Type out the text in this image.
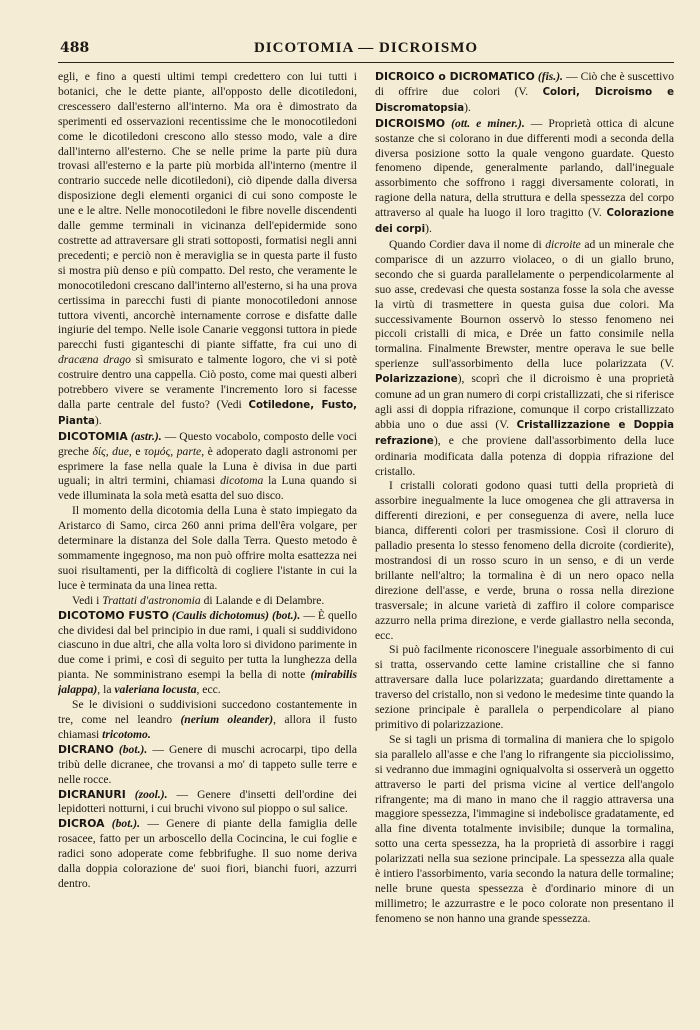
488	DICOTOMIA — DICROISMO

egli, e fino a questi ultimi tempi credettero con lui tutti i botanici, che le dette piante, all'opposto delle dicotiledoni, crescessero dall'esterno all'interno. Ma ora è dimostrato da sperimenti ed osservazioni recentissime che le monocotiledoni come le dicotiledoni crescono allo stesso modo, vale a dire dall'interno all'esterno. Che se nelle prime la parte più dura trovasi all'esterno e la parte più morbida all'interno (mentre il contrario succede nelle dicotiledoni), ciò dipende dalla diversa disposizione degli elementi organici di cui sono composte le une e le altre. Nelle monocotiledoni le fibre novelle discendenti dalle gemme terminali in vicinanza dell'epidermide sono costrette ad attraversare gli strati sottoposti, formatisi negli anni precedenti; e perciò non è meraviglia se in questa parte il fusto si mostra più denso e più compatto. Del resto, che veramente le monocotiledoni crescano dall'interno all'esterno, si ha una prova certissima in parecchi fusti di piante monocotiledoni annose tuttora viventi, ancorchè internamente corrose e disfatte dalle ingiurie del tempo. Nelle isole Canarie veggonsi tuttora in piede parecchi fusti giganteschi di piante siffatte, fra cui uno di dracæna drago sì smisurato e talmente logoro, che vi si potè costruire dentro una cappella. Ciò posto, come mai questi alberi potrebbero vivere se veramente l'incremento loro si facesse dalla parte centrale del fusto? (Vedi Cotiledone, Fusto, Pianta).

DICOTOMIA (astr.). — Questo vocabolo, composto delle voci greche δίς, due, e τομός, parte, è adoperato dagli astronomi per esprimere la fase nella quale la Luna è divisa in due parti uguali; in altri termini, chiamasi dicotoma la Luna quando si vede illuminata la sola metà esatta del suo disco.

Il momento della dicotomia della Luna è stato impiegato da Aristarco di Samo, circa 260 anni prima dell'êra volgare, per determinare la distanza del Sole dalla Terra. Questo metodo è sommamente ingegnoso, ma non può offrire molta esattezza nei suoi risultamenti, per la difficoltà di cogliere l'istante in cui la luce è terminata da una linea retta.

Vedi i Trattati d'astronomia di Lalande e di Delambre.

DICOTOMO FUSTO (Caulis dichotomus) (bot.). — È quello che dividesi dal bel principio in due rami, i quali si suddividono ciascuno in due altri, che alla volta loro si dividono parimente in due come i primi, e così di seguito per tutta la lunghezza della pianta. Ne somministrano esempi la bella di notte (mirabilis jalappa), la valeriana locusta, ecc.

Se le divisioni o suddivisioni succedono costantemente in tre, come nel leandro (nerium oleander), allora il fusto chiamasi tricotomo.

DICRANO (bot.). — Genere di muschi acrocarpi, tipo della tribù delle dicranee, che trovansi a mo' di tappeto sulle terre e nelle rocce.

DICRANURI (zool.). — Genere d'insetti dell'ordine dei lepidotteri notturni, i cui bruchi vivono sul pioppo o sul salice.

DICROA (bot.). — Genere di piante della famiglia delle rosacee, fatto per un arboscello della Cocincina, le cui foglie e radici sono adoperate come febbrifughe. Il suo nome deriva dalla doppia colorazione de' suoi fiori, bianchi fuori, azzurri dentro.

DICROICO o DICROMATICO (fis.). — Ciò che è suscettivo di offrire due colori (V. Colori, Dicroismo e Discromatopsia).

DICROISMO (ott. e miner.). — Proprietà ottica di alcune sostanze che si colorano in due differenti modi a seconda della diversa posizione sotto la quale vengono guardate. Questo fenomeno dipende, generalmente parlando, dall'ineguale assorbimento che soffrono i raggi diversamente colorati, in ragione della natura, della struttura e della spessezza del corpo attraverso al quale ha luogo il loro tragitto (V. Colorazione dei corpi).

Quando Cordier dava il nome di dicroite ad un minerale che comparisce di un azzurro violaceo, o di un giallo bruno, secondo che si guarda parallelamente o perpendicolarmente al suo asse, credevasi che questa sostanza fosse la sola che avesse la virtù di trasmettere in questa guisa due colori. Ma successivamente Bournon osservò lo stesso fenomeno nei piccoli cristalli di mica, e Drée un fatto consimile nella tormalina. Finalmente Brewster, mentre operava le sue belle sperienze sull'assorbimento della luce polarizzata (V. Polarizzazione), scoprì che il dicroismo è una proprietà comune ad un gran numero di corpi cristallizzati, che si riferisce agli assi di doppia rifrazione, comunque il corpo cristallizzato abbia uno o due assi (V. Cristallizzazione e Doppia refrazione), e che proviene dall'assorbimento della luce ordinaria modificata dalla potenza di doppia rifrazione del cristallo.

I cristalli colorati godono quasi tutti della proprietà di assorbire inegualmente la luce omogenea che gli attraversa in differenti direzioni, e per conseguenza di avere, nella luce bianca, differenti colori per trasmissione. Così il cloruro di palladio presenta lo stesso fenomeno della dicroite (cordierite), mostrandosi di un rosso scuro in un senso, e di un verde brillante nell'altro; la tormalina è di un nero opaco nella direzione dell'asse, e verde, bruna o rossa nella direzione trasversale; in alcune varietà di zaffiro il colore comparisce azzurro nella prima direzione, e verde giallastro nella seconda, ecc.

Si può facilmente riconoscere l'ineguale assorbimento di cui si tratta, osservando cette lamine cristalline che si fanno attraversare dalla luce polarizzata; guardando direttamente a traverso del cristallo, non si vedono le medesime tinte quando la sezione principale è parallela o perpendicolare al piano primitivo di polarizzazione.

Se si tagli un prisma di tormalina di maniera che lo spigolo sia parallelo all'asse e che l'ang lo rifrangente sia picciolissimo, si vedranno due immagini ogniqualvolta si osserverà un oggetto attraverso le parti del prisma vicine al vertice dell'angolo rifrangente; ma di mano in mano che il raggio attraversa una maggiore spessezza, l'immagine si indebolisce gradatamente, ed alla fine diventa totalmente invisibile; dunque la tormalina, sotto una certa spessezza, ha la proprietà di assorbire i raggi polarizzati nella sua sezione principale. La spessezza alla quale è intiero l'assorbimento, varia secondo la natura delle tormaline; nelle brune questa spessezza è d'ordinario minore di un millimetro; le azzurrastre e le poco colorate non presentano il fenomeno se non hanno una grande spessezza.
